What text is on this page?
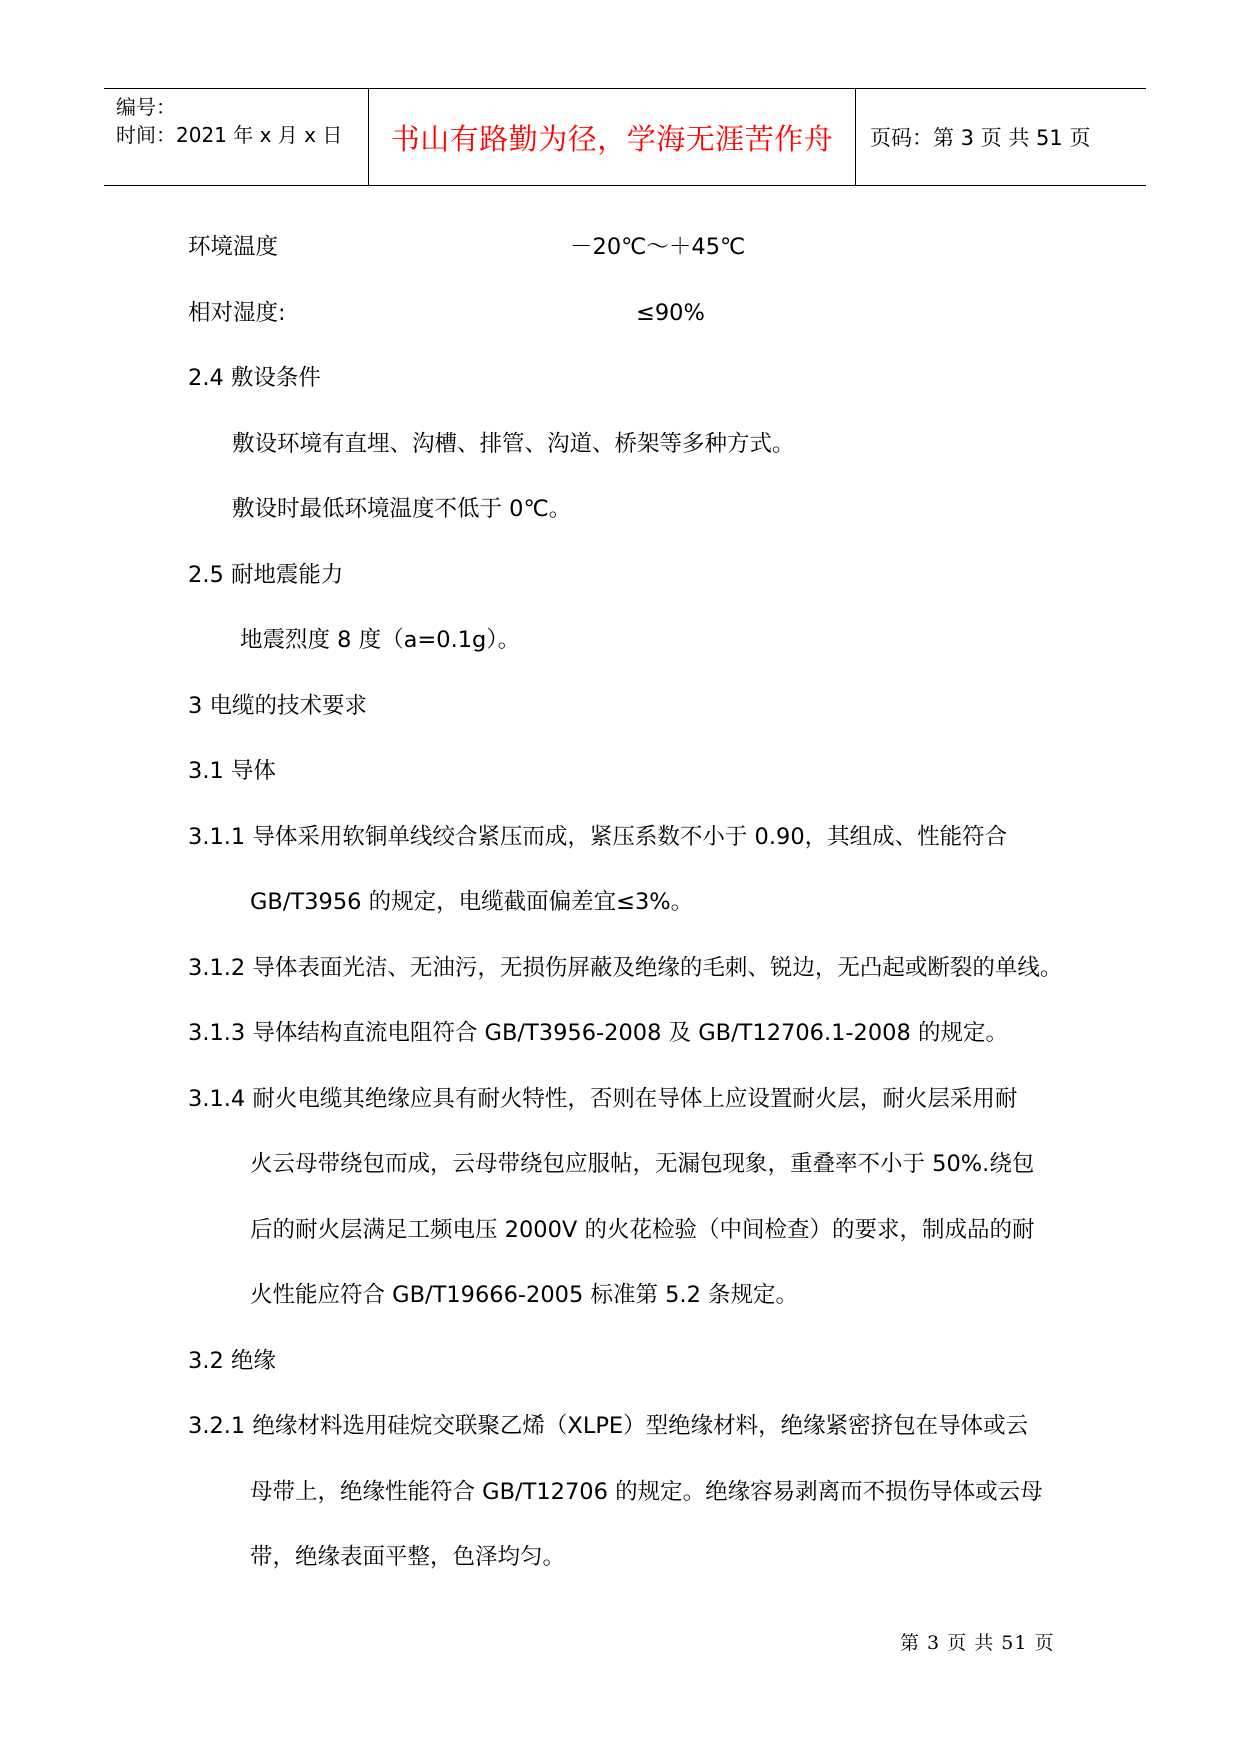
编号：
时间：2021 年 x 月 x 日	书山有路勤为径，学海无涯苦作舟 页码：第 3 页 共 51 页
环境温度	－20℃～＋45℃
相对湿度:	≤90%
2.4 敷设条件
敷设环境有直埋、沟槽、排管、沟道、桥架等多种方式。
敷设时最低环境温度不低于 0℃。
2.5 耐地震能力
地震烈度 8 度（a=0.1g）。
3 电缆的技术要求
3.1 导体
3.1.1 导体采用软铜单线绞合紧压而成，紧压系数不小于 0.90，其组成、性能符合
GB/T3956 的规定，电缆截面偏差宜≤3%。
3.1.2 导体表面光洁、无油污，无损伤屏蔽及绝缘的毛刺、锐边，无凸起或断裂的单线。
3.1.3 导体结构直流电阻符合 GB/T3956-2008 及 GB/T12706.1-2008 的规定。
3.1.4 耐火电缆其绝缘应具有耐火特性，否则在导体上应设置耐火层，耐火层采用耐
火云母带绕包而成，云母带绕包应服帖，无漏包现象，重叠率不小于 50%.绕包
后的耐火层满足工频电压 2000V 的火花检验（中间检查）的要求，制成品的耐
火性能应符合 GB/T19666-2005 标准第 5.2 条规定。
3.2 绝缘
3.2.1 绝缘材料选用硅烷交联聚乙烯（XLPE）型绝缘材料，绝缘紧密挤包在导体或云
母带上，绝缘性能符合 GB/T12706 的规定。绝缘容易剥离而不损伤导体或云母
带，绝缘表面平整，色泽均匀。
第 3 页 共 51 页
